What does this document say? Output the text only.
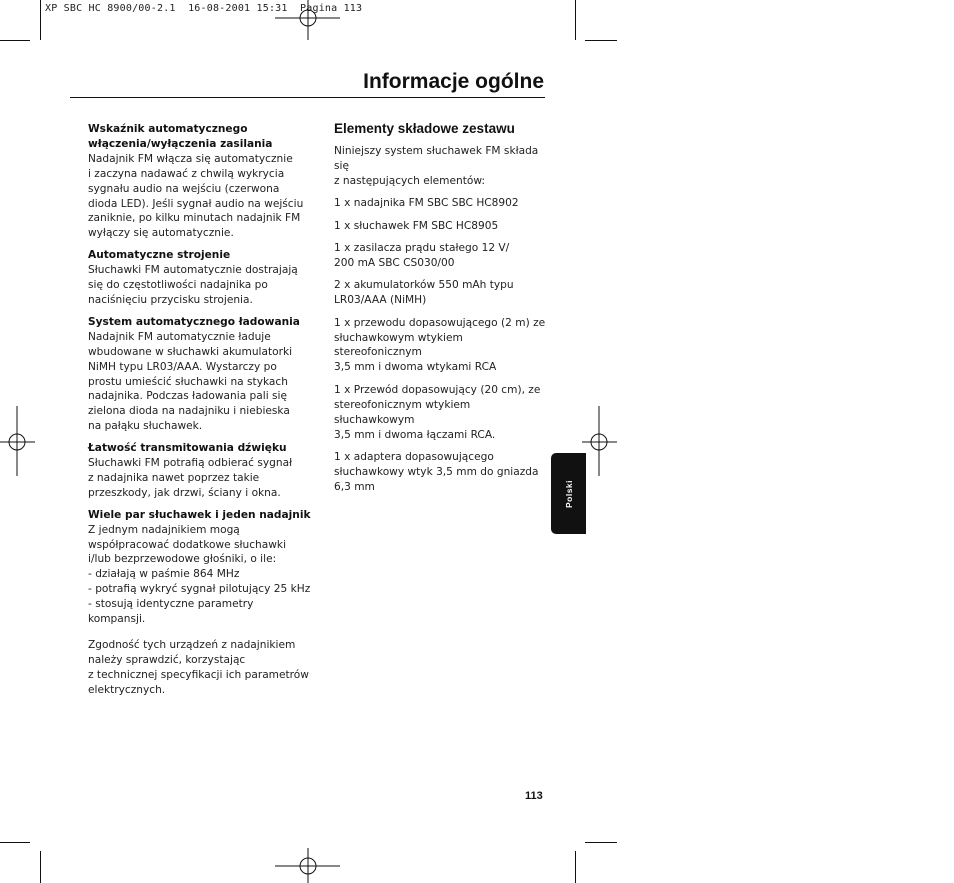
XP SBC HC 8900/00-2.1  16-08-2001 15:31  Pagina 113
Informacje ogólne
Wskaźnik automatycznego
włączenia/wyłączenia zasilania
Nadajnik FM włącza się automatycznie
i zaczyna nadawać z chwilą wykrycia
sygnału audio na wejściu (czerwona
dioda LED). Jeśli sygnał audio na wejściu
zaniknie, po kilku minutach nadajnik FM
wyłączy się automatycznie.
Automatyczne strojenie
Słuchawki FM automatycznie dostrajają
się do częstotliwości nadajnika po
naciśnięciu przycisku strojenia.
System automatycznego ładowania
Nadajnik FM automatycznie ładuje
wbudowane w słuchawki akumulatorki
NiMH typu LR03/AAA. Wystarczy po
prostu umieścić słuchawki na stykach
nadajnika. Podczas ładowania pali się
zielona dioda na nadajniku i niebieska
na pałąku słuchawek.
Łatwość transmitowania dźwięku
Słuchawki FM potrafią odbierać sygnał
z nadajnika nawet poprzez takie
przeszkody, jak drzwi, ściany i okna.
Wiele par słuchawek i jeden nadajnik
Z jednym nadajnikiem mogą
współpracować dodatkowe słuchawki
i/lub bezprzewodowe głośniki, o ile:
- działają w paśmie 864 MHz
- potrafią wykryć sygnał pilotujący 25 kHz
- stosują identyczne parametry kompansji.
Zgodność tych urządzeń z nadajnikiem
należy sprawdzić, korzystając
z technicznej specyfikacji ich parametrów
elektrycznych.
Elementy składowe zestawu

Niniejszy system słuchawek FM składa się
z następujących elementów:

1 x nadajnika FM SBC SBC HC8902

1 x słuchawek FM SBC HC8905

1 x zasilacza prądu stałego 12 V/
200 mA SBC CS030/00

2 x akumulatorków 550 mAh typu
LR03/AAA (NiMH)

1 x przewodu dopasowującego (2 m) ze
słuchawkowym wtykiem stereofonicznym
3,5 mm i dwoma wtykami RCA

1 x Przewód dopasowujący (20 cm), ze
stereofonicznym wtykiem słuchawkowym
3,5 mm i dwoma łączami RCA.

1 x adaptera dopasowującego
słuchawkowy wtyk 3,5 mm do gniazda
6,3 mm	Polski
113
